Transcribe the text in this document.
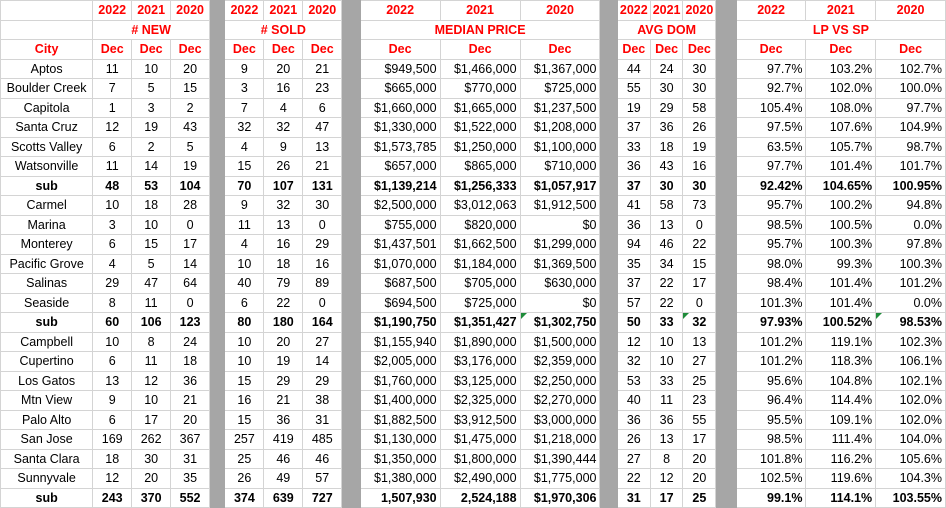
	2022	2021	2020		2022	2021	2020		2022	2021	2020		2022	2021	2020		2022	2021	2020
	# NEW				# SOLD				MEDIAN PRICE				AVG DOM				LP VS SP		
City	Dec	Dec	Dec		Dec	Dec	Dec		Dec	Dec	Dec		Dec	Dec	Dec		Dec	Dec	Dec
Aptos	11	10	20		9	20	21		$949,500	$1,466,000	$1,367,000		44	24	30		97.7%	103.2%	102.7%
Boulder Creek	7	5	15		3	16	23		$665,000	$770,000	$725,000		55	30	30		92.7%	102.0%	100.0%
Capitola	1	3	2		7	4	6		$1,660,000	$1,665,000	$1,237,500		19	29	58		105.4%	108.0%	97.7%
Santa Cruz	12	19	43		32	32	47		$1,330,000	$1,522,000	$1,208,000		37	36	26		97.5%	107.6%	104.9%
Scotts Valley	6	2	5		4	9	13		$1,573,785	$1,250,000	$1,100,000		33	18	19		63.5%	105.7%	98.7%
Watsonville	11	14	19		15	26	21		$657,000	$865,000	$710,000		36	43	16		97.7%	101.4%	101.7%
sub	48	53	104		70	107	131		$1,139,214	$1,256,333	$1,057,917		37	30	30		92.42%	104.65%	100.95%
Carmel	10	18	28		9	32	30		$2,500,000	$3,012,063	$1,912,500		41	58	73		95.7%	100.2%	94.8%
Marina	3	10	0		11	13	0		$755,000	$820,000	$0		36	13	0		98.5%	100.5%	0.0%
Monterey	6	15	17		4	16	29		$1,437,501	$1,662,500	$1,299,000		94	46	22		95.7%	100.3%	97.8%
Pacific Grove	4	5	14		10	18	16		$1,070,000	$1,184,000	$1,369,500		35	34	15		98.0%	99.3%	100.3%
Salinas	29	47	64		40	79	89		$687,500	$705,000	$630,000		37	22	17		98.4%	101.4%	101.2%
Seaside	8	11	0		6	22	0		$694,500	$725,000	$0		57	22	0		101.3%	101.4%	0.0%
sub	60	106	123		80	180	164		$1,190,750	$1,351,427	$1,302,750		50	33	32		97.93%	100.52%	98.53%
Campbell	10	8	24		10	20	27		$1,155,940	$1,890,000	$1,500,000		12	10	13		101.2%	119.1%	102.3%
Cupertino	6	11	18		10	19	14		$2,005,000	$3,176,000	$2,359,000		32	10	27		101.2%	118.3%	106.1%
Los Gatos	13	12	36		15	29	29		$1,760,000	$3,125,000	$2,250,000		53	33	25		95.6%	104.8%	102.1%
Mtn View	9	10	21		16	21	38		$1,400,000	$2,325,000	$2,270,000		40	11	23		96.4%	114.4%	102.0%
Palo Alto	6	17	20		15	36	31		$1,882,500	$3,912,500	$3,000,000		36	36	55		95.5%	109.1%	102.0%
San Jose	169	262	367		257	419	485		$1,130,000	$1,475,000	$1,218,000		26	13	17		98.5%	111.4%	104.0%
Santa Clara	18	30	31		25	46	46		$1,350,000	$1,800,000	$1,390,444		27	8	20		101.8%	116.2%	105.6%
Sunnyvale	12	20	35		26	49	57		$1,380,000	$2,490,000	$1,775,000		22	12	20		102.5%	119.6%	104.3%
sub	243	370	552		374	639	727		1,507,930	2,524,188	$1,970,306		31	17	25		99.1%	114.1%	103.55%
